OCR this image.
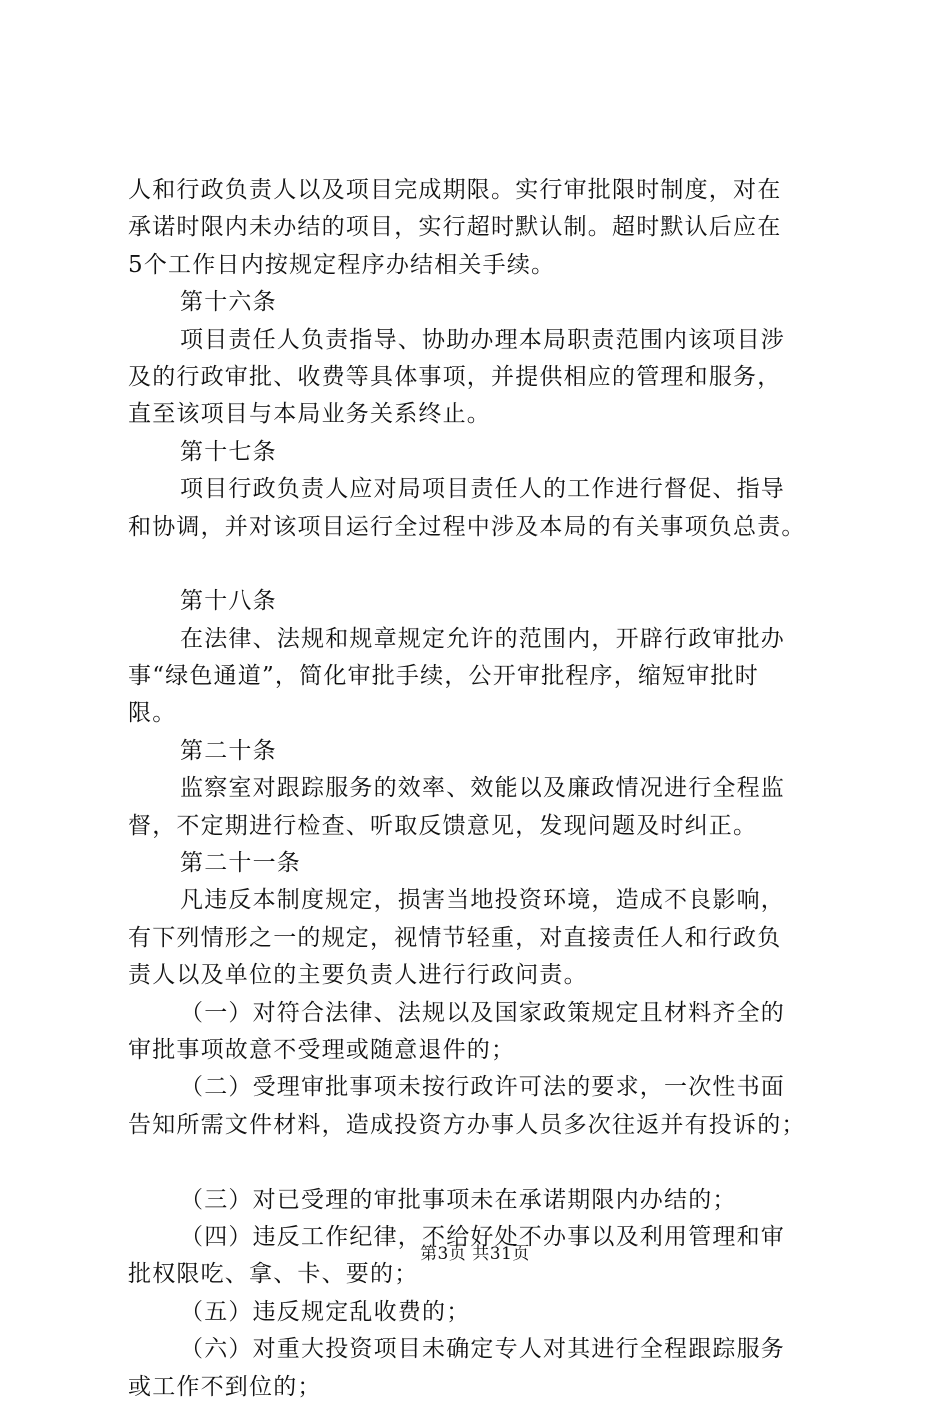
人和行政负责人以及项目完成期限。实行审批限时制度，对在
承诺时限内未办结的项目，实行超时默认制。超时默认后应在
5个工作日内按规定程序办结相关手续。
第十六条
项目责任人负责指导、协助办理本局职责范围内该项目涉
及的行政审批、收费等具体事项，并提供相应的管理和服务，
直至该项目与本局业务关系终止。
第十七条
项目行政负责人应对局项目责任人的工作进行督促、指导
和协调，并对该项目运行全过程中涉及本局的有关事项负总责。
第十八条
在法律、法规和规章规定允许的范围内，开辟行政审批办
事“绿色通道”，简化审批手续，公开审批程序，缩短审批时
限。
第二十条
监察室对跟踪服务的效率、效能以及廉政情况进行全程监
督，不定期进行检查、听取反馈意见，发现问题及时纠正。
第二十一条
凡违反本制度规定，损害当地投资环境，造成不良影响，
有下列情形之一的规定，视情节轻重，对直接责任人和行政负
责人以及单位的主要负责人进行行政问责。
（一）对符合法律、法规以及国家政策规定且材料齐全的
审批事项故意不受理或随意退件的；
（二）受理审批事项未按行政许可法的要求，一次性书面
告知所需文件材料，造成投资方办事人员多次往返并有投诉的；
（三）对已受理的审批事项未在承诺期限内办结的；
（四）违反工作纪律，不给好处不办事以及利用管理和审
批权限吃、拿、卡、要的；
（五）违反规定乱收费的；
（六）对重大投资项目未确定专人对其进行全程跟踪服务
或工作不到位的；
第3页 共31页
